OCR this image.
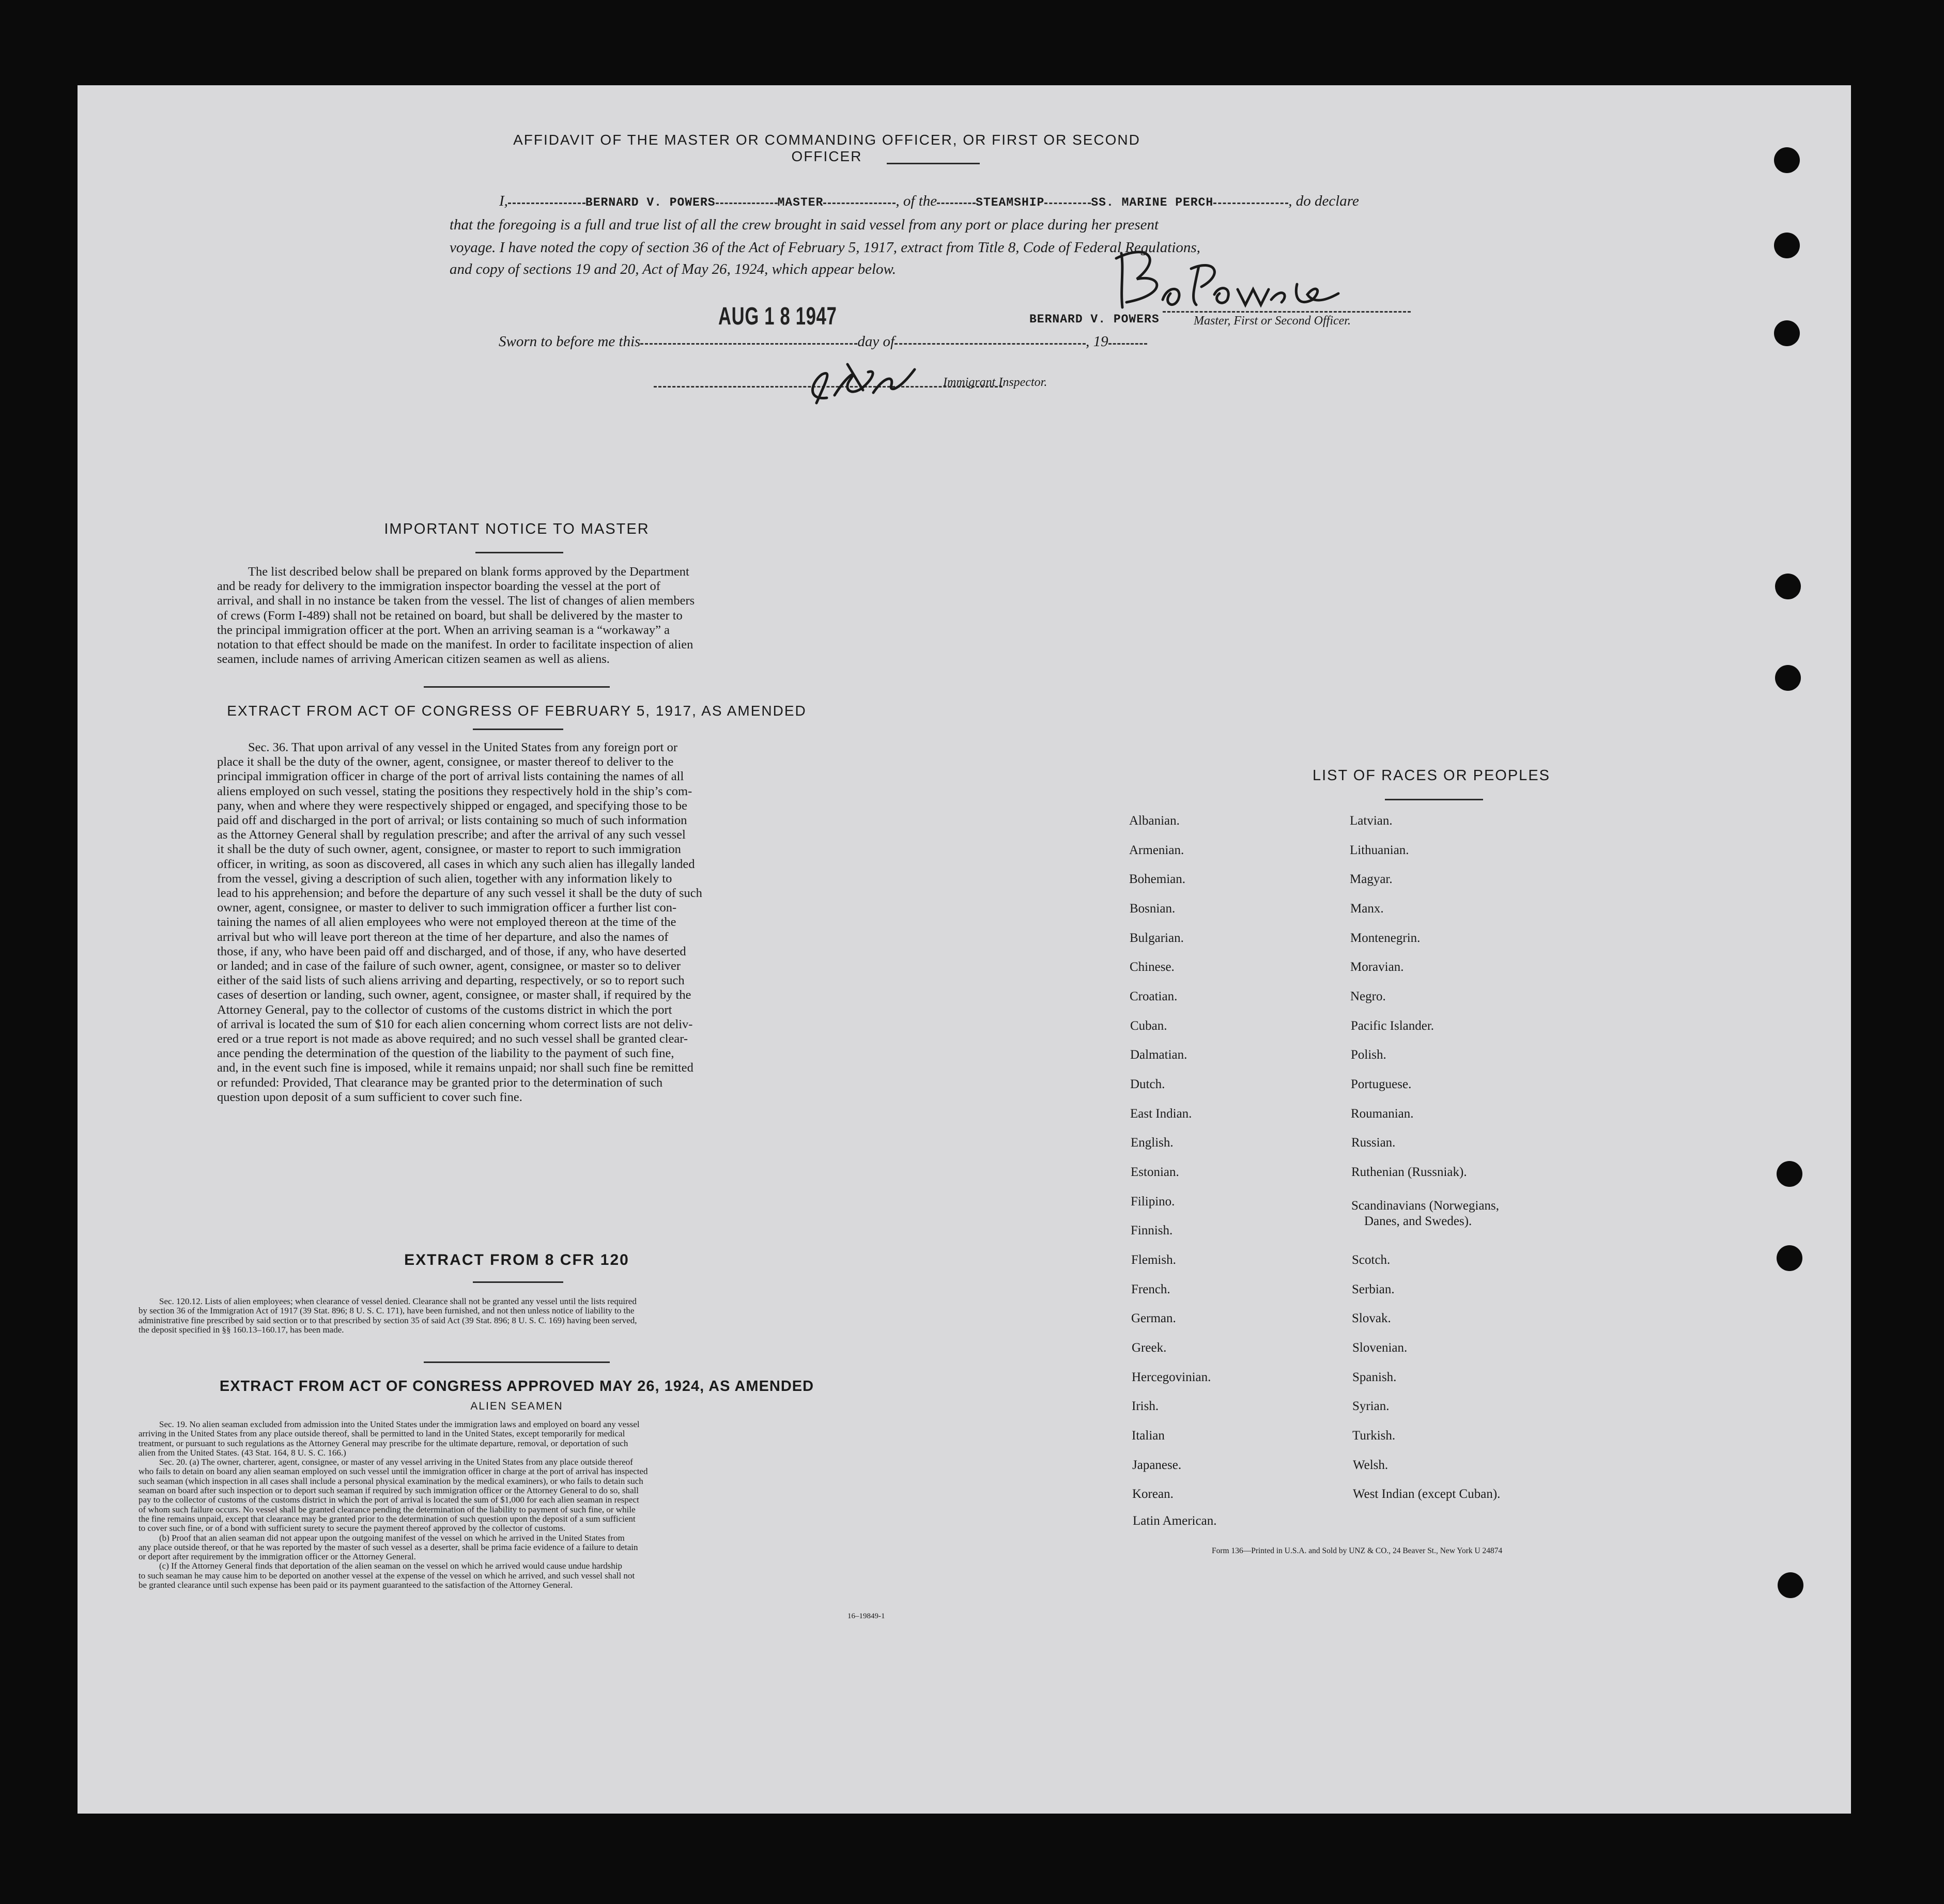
AFFIDAVIT OF THE MASTER OR COMMANDING OFFICER, OR FIRST OR SECOND OFFICER
I,	BERNARD V. POWERS	MASTER	, of the	STEAMSHIP	SS. MARINE PERCH	, do declare
that the foregoing is a full and true list of all the crew brought in said vessel from any port or place during her present
voyage. I have noted the copy of section 36 of the Act of February 5, 1917, extract from Title 8, Code of Federal Regulations,
and copy of sections 19 and 20, Act of May 26, 1924, which appear below.
BERNARD V. POWERS	Master, First or Second Officer.
Sworn to before me this	day of	, 19
AUG 1 8 1947
Immigrant Inspector.
IMPORTANT NOTICE TO MASTER
The list described below shall be prepared on blank forms approved by the Department
and be ready for delivery to the immigration inspector boarding the vessel at the port of
arrival, and shall in no instance be taken from the vessel. The list of changes of alien members
of crews (Form I-489) shall not be retained on board, but shall be delivered by the master to
the principal immigration officer at the port. When an arriving seaman is a “workaway” a
notation to that effect should be made on the manifest. In order to facilitate inspection of alien
seamen, include names of arriving American citizen seamen as well as aliens.
EXTRACT FROM ACT OF CONGRESS OF FEBRUARY 5, 1917, AS AMENDED
Sec. 36. That upon arrival of any vessel in the United States from any foreign port or
place it shall be the duty of the owner, agent, consignee, or master thereof to deliver to the
principal immigration officer in charge of the port of arrival lists containing the names of all
aliens employed on such vessel, stating the positions they respectively hold in the ship’s com-
pany, when and where they were respectively shipped or engaged, and specifying those to be
paid off and discharged in the port of arrival; or lists containing so much of such information
as the Attorney General shall by regulation prescribe; and after the arrival of any such vessel
it shall be the duty of such owner, agent, consignee, or master to report to such immigration
officer, in writing, as soon as discovered, all cases in which any such alien has illegally landed
from the vessel, giving a description of such alien, together with any information likely to
lead to his apprehension; and before the departure of any such vessel it shall be the duty of such
owner, agent, consignee, or master to deliver to such immigration officer a further list con-
taining the names of all alien employees who were not employed thereon at the time of the
arrival but who will leave port thereon at the time of her departure, and also the names of
those, if any, who have been paid off and discharged, and of those, if any, who have deserted
or landed; and in case of the failure of such owner, agent, consignee, or master so to deliver
either of the said lists of such aliens arriving and departing, respectively, or so to report such
cases of desertion or landing, such owner, agent, consignee, or master shall, if required by the
Attorney General, pay to the collector of customs of the customs district in which the port
of arrival is located the sum of $10 for each alien concerning whom correct lists are not deliv-
ered or a true report is not made as above required; and no such vessel shall be granted clear-
ance pending the determination of the question of the liability to the payment of such fine,
and, in the event such fine is imposed, while it remains unpaid; nor shall such fine be remitted
or refunded: Provided, That clearance may be granted prior to the determination of such
question upon deposit of a sum sufficient to cover such fine.
EXTRACT FROM 8 CFR 120
Sec. 120.12. Lists of alien employees; when clearance of vessel denied. Clearance shall not be granted any vessel until the lists required
by section 36 of the Immigration Act of 1917 (39 Stat. 896; 8 U. S. C. 171), have been furnished, and not then unless notice of liability to the
administrative fine prescribed by said section or to that prescribed by section 35 of said Act (39 Stat. 896; 8 U. S. C. 169) having been served,
the deposit specified in §§ 160.13–160.17, has been made.
EXTRACT FROM ACT OF CONGRESS APPROVED MAY 26, 1924, AS AMENDED
ALIEN SEAMEN
Sec. 19. No alien seaman excluded from admission into the United States under the immigration laws and employed on board any vessel
arriving in the United States from any place outside thereof, shall be permitted to land in the United States, except temporarily for medical
treatment, or pursuant to such regulations as the Attorney General may prescribe for the ultimate departure, removal, or deportation of such
alien from the United States. (43 Stat. 164, 8 U. S. C. 166.)
Sec. 20. (a) The owner, charterer, agent, consignee, or master of any vessel arriving in the United States from any place outside thereof
who fails to detain on board any alien seaman employed on such vessel until the immigration officer in charge at the port of arrival has inspected
such seaman (which inspection in all cases shall include a personal physical examination by the medical examiners), or who fails to detain such
seaman on board after such inspection or to deport such seaman if required by such immigration officer or the Attorney General to do so, shall
pay to the collector of customs of the customs district in which the port of arrival is located the sum of $1,000 for each alien seaman in respect
of whom such failure occurs. No vessel shall be granted clearance pending the determination of the liability to payment of such fine, or while
the fine remains unpaid, except that clearance may be granted prior to the determination of such question upon the deposit of a sum sufficient
to cover such fine, or of a bond with sufficient surety to secure the payment thereof approved by the collector of customs.
(b) Proof that an alien seaman did not appear upon the outgoing manifest of the vessel on which he arrived in the United States from
any place outside thereof, or that he was reported by the master of such vessel as a deserter, shall be prima facie evidence of a failure to detain
or deport after requirement by the immigration officer or the Attorney General.
(c) If the Attorney General finds that deportation of the alien seaman on the vessel on which he arrived would cause undue hardship
to such seaman he may cause him to be deported on another vessel at the expense of the vessel on which he arrived, and such vessel shall not
be granted clearance until such expense has been paid or its payment guaranteed to the satisfaction of the Attorney General.
16–19849-1
LIST OF RACES OR PEOPLES
Albanian.
Armenian.
Bohemian.
Bosnian.
Bulgarian.
Chinese.
Croatian.
Cuban.
Dalmatian.
Dutch.
East Indian.
English.
Estonian.
Filipino.
Finnish.
Flemish.
French.
German.
Greek.
Hercegovinian.
Irish.
Italian
Japanese.
Korean.
Latin American.
Latvian.
Lithuanian.
Magyar.
Manx.
Montenegrin.
Moravian.
Negro.
Pacific Islander.
Polish.
Portuguese.
Roumanian.
Russian.
Ruthenian (Russniak).
Scandinavians (Norwegians,
Danes, and Swedes).
Scotch.
Serbian.
Slovak.
Slovenian.
Spanish.
Syrian.
Turkish.
Welsh.
West Indian (except Cuban).
Form 136—Printed in U.S.A. and Sold by UNZ & CO., 24 Beaver St., New York U 24874
